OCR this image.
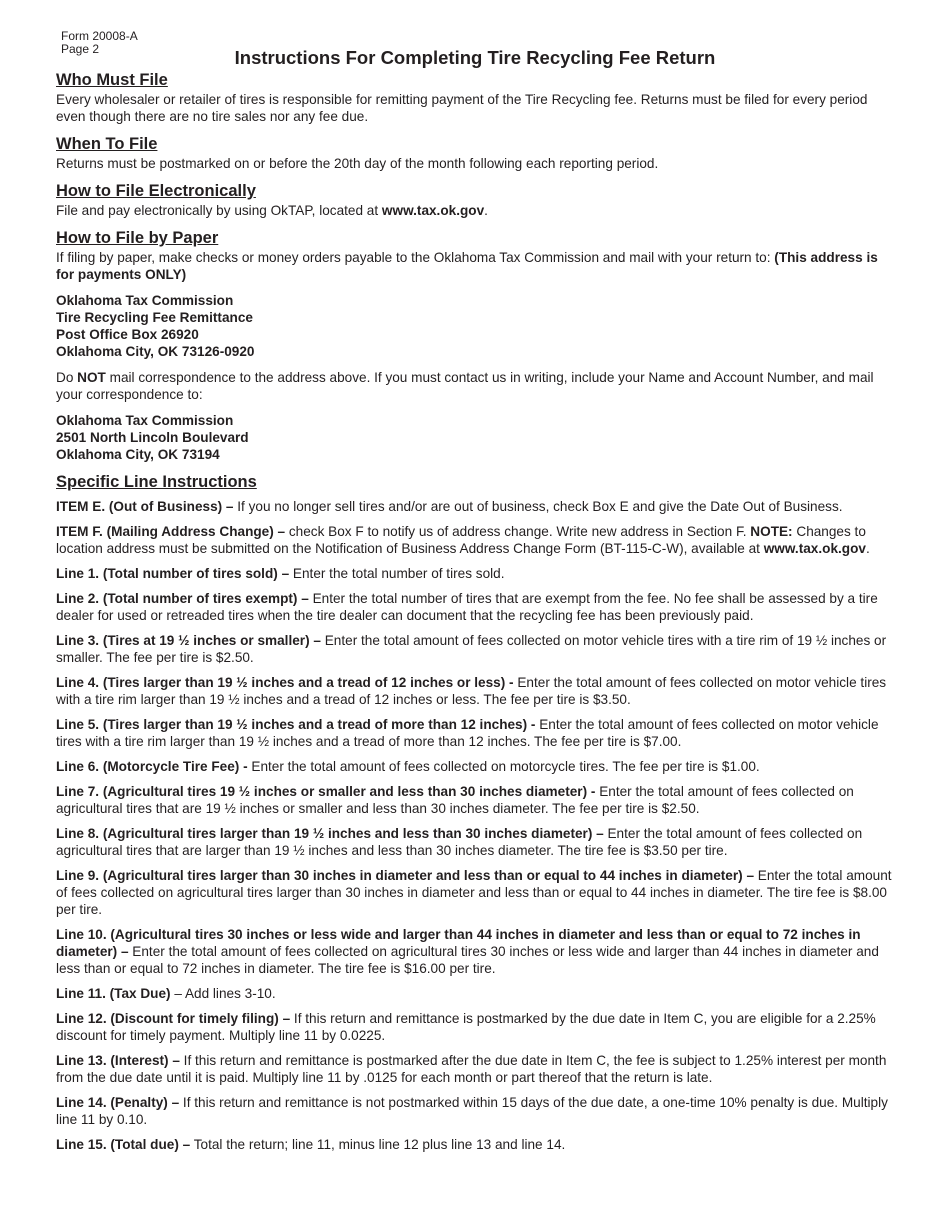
Form 20008-A
Page 2	Instructions For Completing Tire Recycling Fee Return
Who Must File

Every wholesaler or retailer of tires is responsible for remitting payment of the Tire Recycling fee. Returns must be filed for every period even though there are no tire sales nor any fee due.

When To File

Returns must be postmarked on or before the 20th day of the month following each reporting period.

How to File Electronically

File and pay electronically by using OkTAP, located at www.tax.ok.gov.

How to File by Paper

If filing by paper, make checks or money orders payable to the Oklahoma Tax Commission and mail with your return to: (This address is for payments ONLY)

Oklahoma Tax Commission
Tire Recycling Fee Remittance
Post Office Box 26920
Oklahoma City, OK 73126-0920

Do NOT mail correspondence to the address above. If you must contact us in writing, include your Name and Account Number, and mail your correspondence to:

Oklahoma Tax Commission
2501 North Lincoln Boulevard
Oklahoma City, OK 73194
Specific Line Instructions

ITEM E. (Out of Business) – If you no longer sell tires and/or are out of business, check Box E and give the Date Out of Business.

ITEM F. (Mailing Address Change) – check Box F to notify us of address change. Write new address in Section F. NOTE: Changes to location address must be submitted on the Notification of Business Address Change Form (BT-115-C-W), available at www.tax.ok.gov.

Line 1. (Total number of tires sold) – Enter the total number of tires sold.

Line 2. (Total number of tires exempt) – Enter the total number of tires that are exempt from the fee. No fee shall be assessed by a tire dealer for used or retreaded tires when the tire dealer can document that the recycling fee has been previously paid.

Line 3. (Tires at 19 ½ inches or smaller) – Enter the total amount of fees collected on motor vehicle tires with a tire rim of 19 ½ inches or smaller. The fee per tire is $2.50.

Line 4. (Tires larger than 19 ½ inches and a tread of 12 inches or less) - Enter the total amount of fees collected on motor vehicle tires with a tire rim larger than 19 ½ inches and a tread of 12 inches or less. The fee per tire is $3.50.

Line 5. (Tires larger than 19 ½ inches and a tread of more than 12 inches) - Enter the total amount of fees collected on motor vehicle tires with a tire rim larger than 19 ½ inches and a tread of more than 12 inches. The fee per tire is $7.00.

Line 6. (Motorcycle Tire Fee) - Enter the total amount of fees collected on motorcycle tires. The fee per tire is $1.00.

Line 7. (Agricultural tires 19 ½ inches or smaller and less than 30 inches diameter) - Enter the total amount of fees collected on agricultural tires that are 19 ½ inches or smaller and less than 30 inches diameter. The fee per tire is $2.50.

Line 8. (Agricultural tires larger than 19 ½ inches and less than 30 inches diameter) – Enter the total amount of fees collected on agricultural tires that are larger than 19 ½ inches and less than 30 inches diameter. The tire fee is $3.50 per tire.

Line 9. (Agricultural tires larger than 30 inches in diameter and less than or equal to 44 inches in diameter) – Enter the total amount of fees collected on agricultural tires larger than 30 inches in diameter and less than or equal to 44 inches in diameter. The tire fee is $8.00 per tire.

Line 10. (Agricultural tires 30 inches or less wide and larger than 44 inches in diameter and less than or equal to 72 inches in diameter) – Enter the total amount of fees collected on agricultural tires 30 inches or less wide and larger than 44 inches in diameter and less than or equal to 72 inches in diameter. The tire fee is $16.00 per tire.

Line 11. (Tax Due) – Add lines 3-10.

Line 12. (Discount for timely filing) – If this return and remittance is postmarked by the due date in Item C, you are eligible for a 2.25% discount for timely payment. Multiply line 11 by 0.0225.

Line 13. (Interest) – If this return and remittance is postmarked after the due date in Item C, the fee is subject to 1.25% interest per month from the due date until it is paid. Multiply line 11 by .0125 for each month or part thereof that the return is late.

Line 14. (Penalty) – If this return and remittance is not postmarked within 15 days of the due date, a one-time 10% penalty is due. Multiply line 11 by 0.10.

Line 15. (Total due) – Total the return; line 11, minus line 12 plus line 13 and line 14.
